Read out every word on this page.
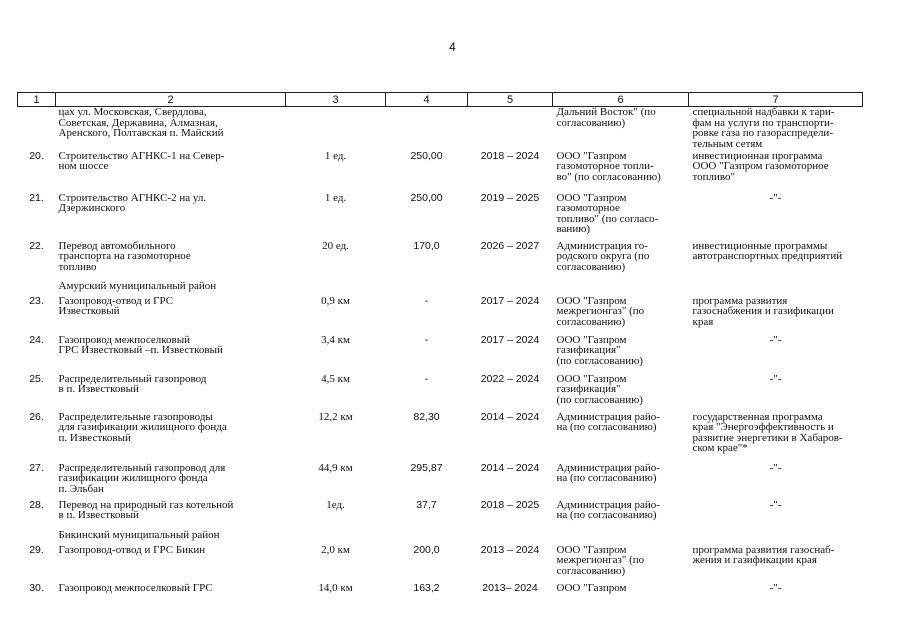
4
1	2	3	4	5	6	7
	цах ул. Московская, Свердлова,
Советская, Державина, Алмазная,
Аренского, Полтавская п. Майский				Дальний Восток" (по
согласованию)	специальной надбавки к тари-
фам на услуги по транспорти-
ровке газа по газораспредели-
тельным сетям
20.	Строительство АГНКС-1 на Север-
ном шоссе	1 ед.	250,00	2018 – 2024	ООО "Газпром
газомоторное топли-
во" (по согласованию)	инвестиционная программа
ООО "Газпром газомоторное
топливо"
21.	Строительство АГНКС-2 на ул.
Дзержинского	1 ед.	250,00	2019 – 2025	ООО "Газпром
газомоторное
топливо" (по согласо-
ванию)	-"-
22.	Перевод автомобильного
транспорта на газомоторное
топливо	20 ед.	170,0	2026 – 2027	Администрация го-
родского округа (по
согласованию)	инвестиционные программы
автотранспортных предприятий
	Амурский муниципальный район					
23.	Газопровод-отвод и ГРС
Известковый	0,9 км	-	2017 – 2024	ООО "Газпром
межрегионгаз" (по
согласованию)	программа развития
газоснабжения и газификации
края
24.	Газопровод межпоселковый
ГРС Известковый –п. Известковый	3,4 км	-	2017 – 2024	ООО "Газпром
газификация"
(по согласованию)	-"-
25.	Распределительный газопровод
в п. Известковый	4,5 км	-	2022 – 2024	ООО "Газпром
газификация"
(по согласованию)	-"-
26.	Распределительные газопроводы
для газификации жилищного фонда
п. Известковый	12,2 км	82,30	2014 – 2024	Администрация райо-
на (по согласованию)	государственная программа
края "Энергоэффективность и
развитие энергетики в Хабаров-
ском крае"*
27.	Распределительный газопровод для
газификации жилищного фонда
п. Эльбан	44,9 км	295,87	2014 – 2024	Администрация райо-
на (по согласованию)	-"-
28.	Перевод на природный газ котельной
в п. Известковый	1ед.	37,7	2018 – 2025	Администрация райо-
на (по согласованию)	-"-
	Бикинский муниципальный район					
29.	Газопровод-отвод и ГРС Бикин	2,0 км	200,0	2013 – 2024	ООО "Газпром
межрегионгаз" (по
согласованию)	программа развития газоснаб-
жения и газификации края
30.	Газопровод межпоселковый ГРС	14,0 км	163,2	2013– 2024	ООО "Газпром	-"-
